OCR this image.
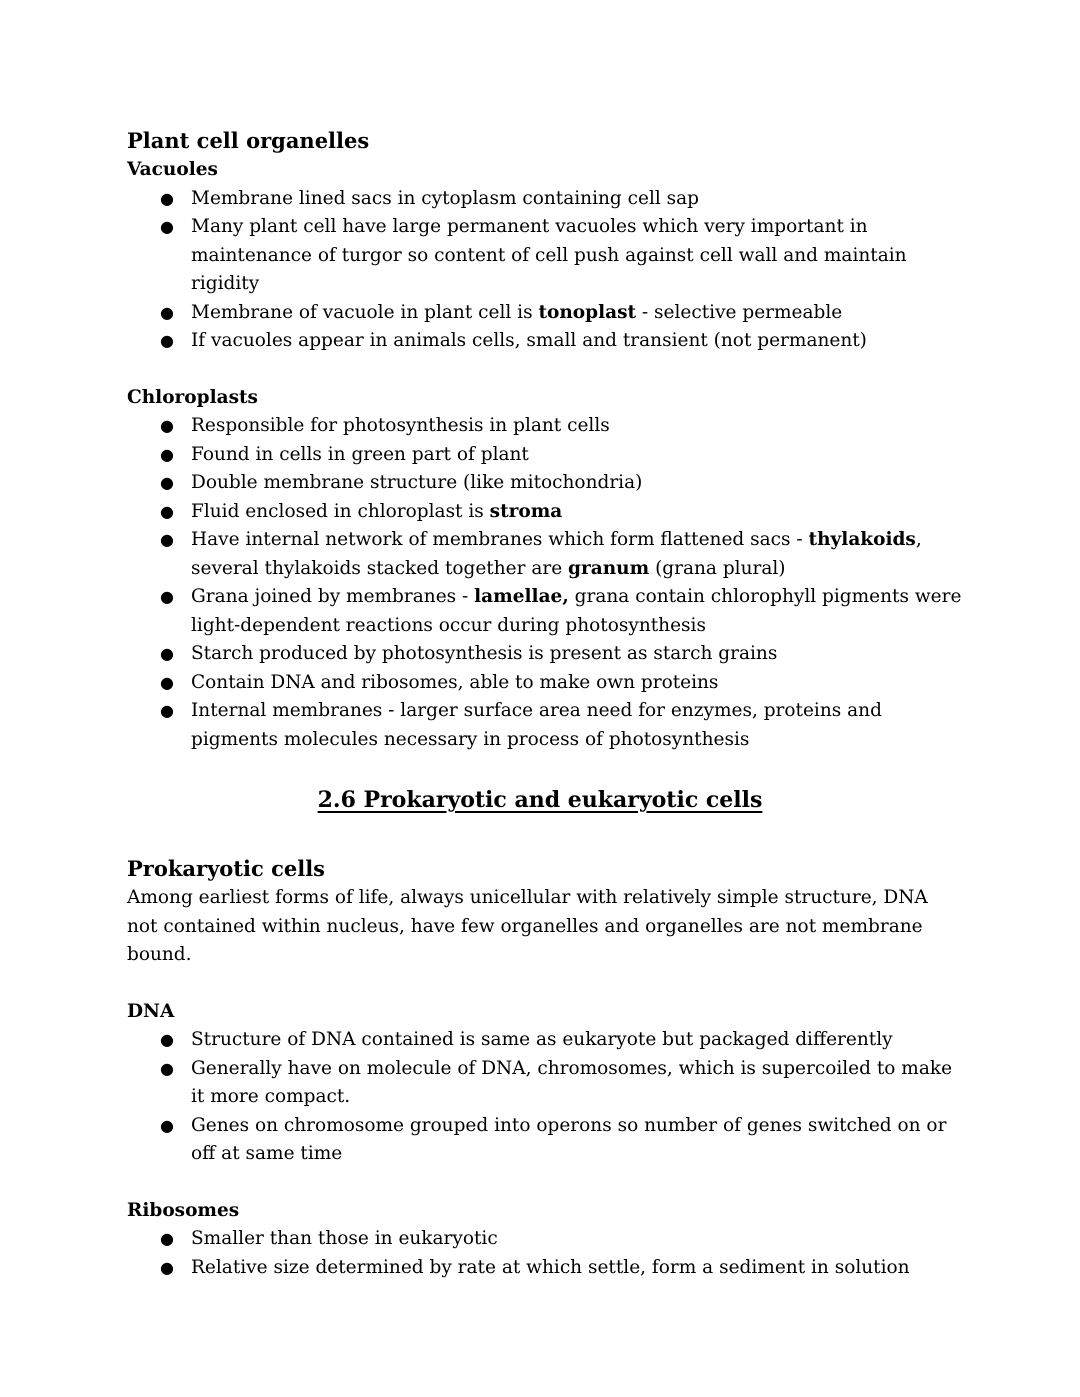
Plant cell organelles
Vacuoles
● Membrane lined sacs in cytoplasm containing cell sap
● Many plant cell have large permanent vacuoles which very important in maintenance of turgor so content of cell push against cell wall and maintain rigidity
● Membrane of vacuole in plant cell is tonoplast - selective permeable
● If vacuoles appear in animals cells, small and transient (not permanent)
Chloroplasts
● Responsible for photosynthesis in plant cells
● Found in cells in green part of plant
● Double membrane structure (like mitochondria)
● Fluid enclosed in chloroplast is stroma
● Have internal network of membranes which form flattened sacs - thylakoids, several thylakoids stacked together are granum (grana plural)
● Grana joined by membranes - lamellae, grana contain chlorophyll pigments were light-dependent reactions occur during photosynthesis
● Starch produced by photosynthesis is present as starch grains
● Contain DNA and ribosomes, able to make own proteins
● Internal membranes - larger surface area need for enzymes, proteins and pigments molecules necessary in process of photosynthesis
2.6 Prokaryotic and eukaryotic cells
Prokaryotic cells

Among earliest forms of life, always unicellular with relatively simple structure, DNA not contained within nucleus, have few organelles and organelles are not membrane bound.

DNA
● Structure of DNA contained is same as eukaryote but packaged differently
● Generally have on molecule of DNA, chromosomes, which is supercoiled to make it more compact.
● Genes on chromosome grouped into operons so number of genes switched on or off at same time
Ribosomes
● Smaller than those in eukaryotic
● Relative size determined by rate at which settle, form a sediment in solution
